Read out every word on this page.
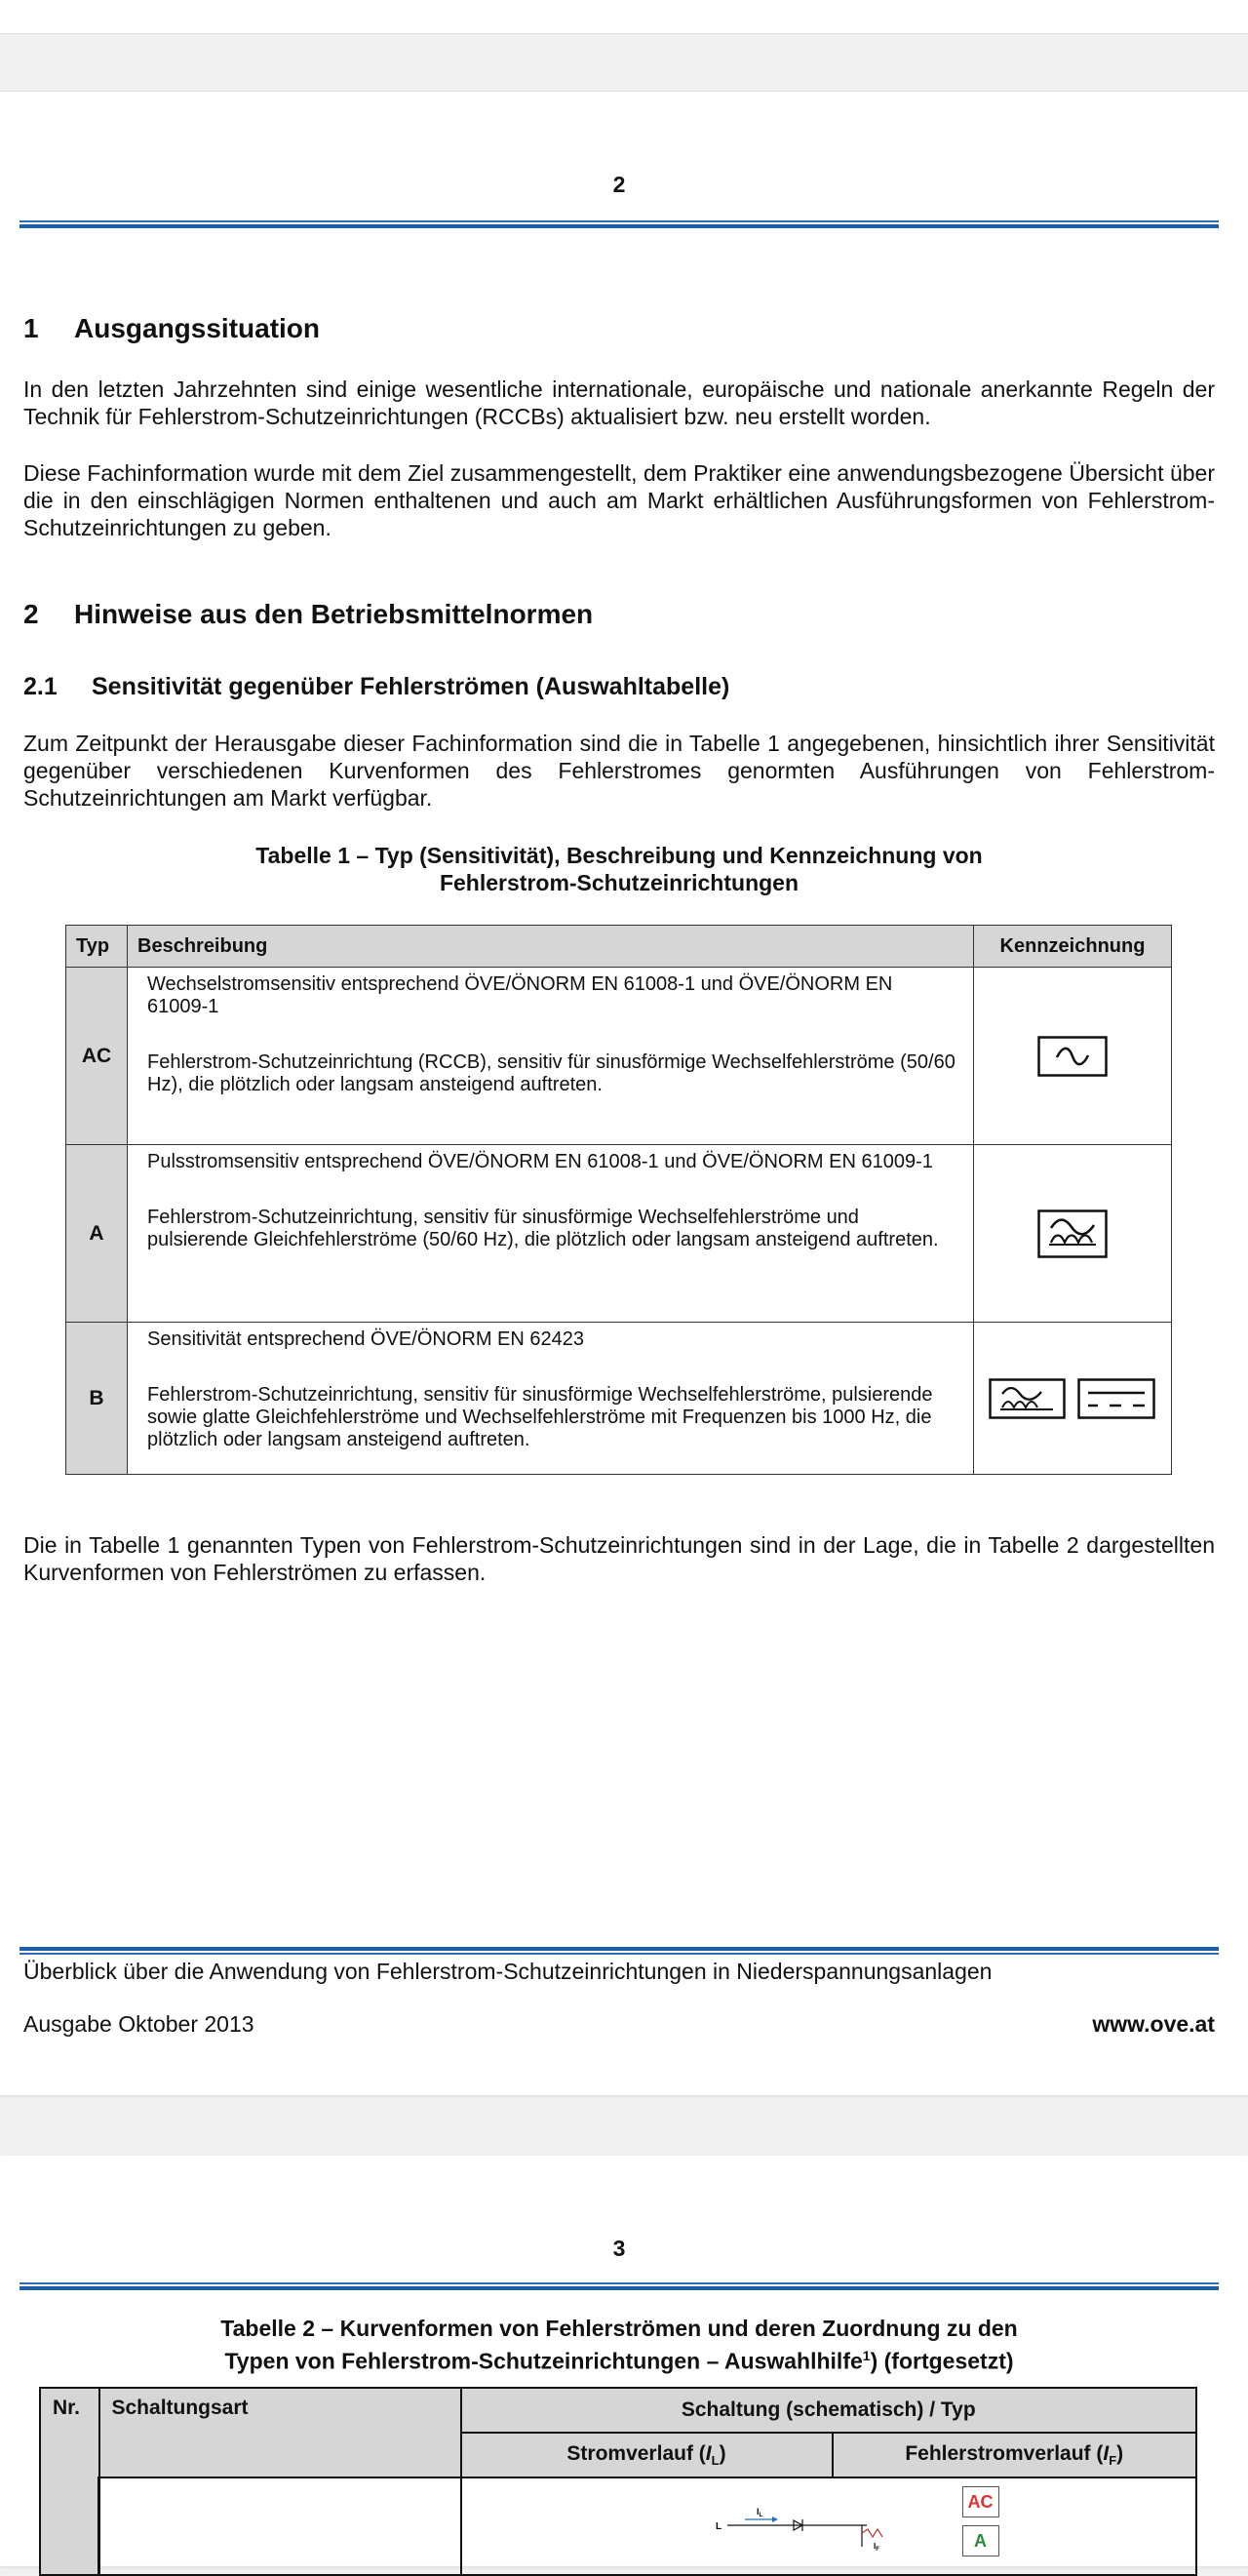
2
1 Ausgangssituation
In den letzten Jahrzehnten sind einige wesentliche internationale, europäische und nationale anerkannte Regeln der Technik für Fehlerstrom-Schutzeinrichtungen (RCCBs) aktualisiert bzw. neu erstellt worden.
Diese Fachinformation wurde mit dem Ziel zusammengestellt, dem Praktiker eine anwendungsbezogene Übersicht über die in den einschlägigen Normen enthaltenen und auch am Markt erhältlichen Ausführungsformen von Fehlerstrom-Schutzeinrichtungen zu geben.
2 Hinweise aus den Betriebsmittelnormen
2.1 Sensitivität gegenüber Fehlerströmen (Auswahltabelle)
Zum Zeitpunkt der Herausgabe dieser Fachinformation sind die in Tabelle 1 angegebenen, hinsichtlich ihrer Sensitivität gegenüber verschiedenen Kurvenformen des Fehlerstromes genormten Ausführungen von Fehlerstrom-Schutzeinrichtungen am Markt verfügbar.
Tabelle 1 – Typ (Sensitivität), Beschreibung und Kennzeichnung von
Fehlerstrom-Schutzeinrichtungen
Typ	Beschreibung	Kennzeichnung
AC	Wechselstromsensitiv entsprechend ÖVE/ÖNORM EN 61008-1 und ÖVE/ÖNORM EN 61009-1
Fehlerstrom-Schutzeinrichtung (RCCB), sensitiv für sinusförmige Wechselfehlerströme (50/60 Hz), die plötzlich oder langsam ansteigend auftreten.

A	Pulsstromsensitiv entsprechend ÖVE/ÖNORM EN 61008-1 und ÖVE/ÖNORM EN 61009-1
Fehlerstrom-Schutzeinrichtung, sensitiv für sinusförmige Wechselfehlerströme und pulsierende Gleichfehlerströme (50/60 Hz), die plötzlich oder langsam ansteigend auftreten.

B	Sensitivität entsprechend ÖVE/ÖNORM EN 62423
Fehlerstrom-Schutzeinrichtung, sensitiv für sinusförmige Wechselfehlerströme, pulsierende sowie glatte Gleichfehlerströme und Wechselfehlerströme mit Frequenzen bis 1000 Hz, die plötzlich oder langsam ansteigend auftreten.

Die in Tabelle 1 genannten Typen von Fehlerstrom-Schutzeinrichtungen sind in der Lage, die in Tabelle 2 dargestellten Kurvenformen von Fehlerströmen zu erfassen.
Überblick über die Anwendung von Fehlerstrom-Schutzeinrichtungen in Niederspannungsanlagen
Ausgabe Oktober 2013	www.ove.at
3
Tabelle 2 – Kurvenformen von Fehlerströmen und deren Zuordnung zu den
Typen von Fehlerstrom-Schutzeinrichtungen – Auswahlhilfe$^1$) (fortgesetzt)
Nr.	Schaltungsart	Schaltung (schematisch) / Typ	
		Stromverlauf $(I_L)$	Fehlerstromverlauf $(I_F)$

L
$I_L$
$I_F$
AC
A	
